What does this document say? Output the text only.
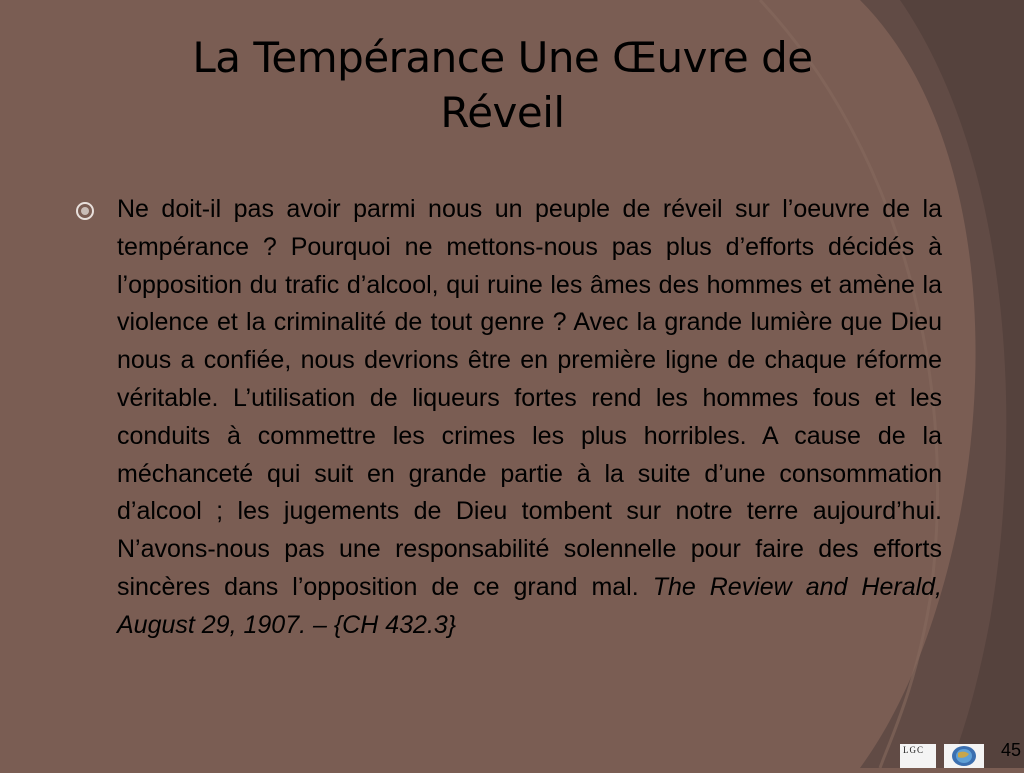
La Tempérance Une Œuvre de
Réveil

Ne doit-il pas avoir parmi nous un peuple de réveil sur l’oeuvre de la tempérance ? Pourquoi ne mettons-nous pas plus d’efforts décidés à l’opposition du trafic d’alcool, qui ruine les âmes des hommes et amène la violence et la criminalité de tout genre ? Avec la grande lumière que Dieu nous a confiée, nous devrions être en première ligne de chaque réforme véritable. L’utilisation de liqueurs fortes rend les hommes fous et les conduits à commettre les crimes les plus horribles. A cause de la méchanceté qui suit en grande partie à la suite d’une consommation d’alcool ; les jugements de Dieu tombent sur notre terre aujourd’hui. N’avons-nous pas une responsabilité solennelle pour faire des efforts sincères dans l’opposition de ce grand mal. The Review and Herald, August 29, 1907. – {CH 432.3}

LGC	45
